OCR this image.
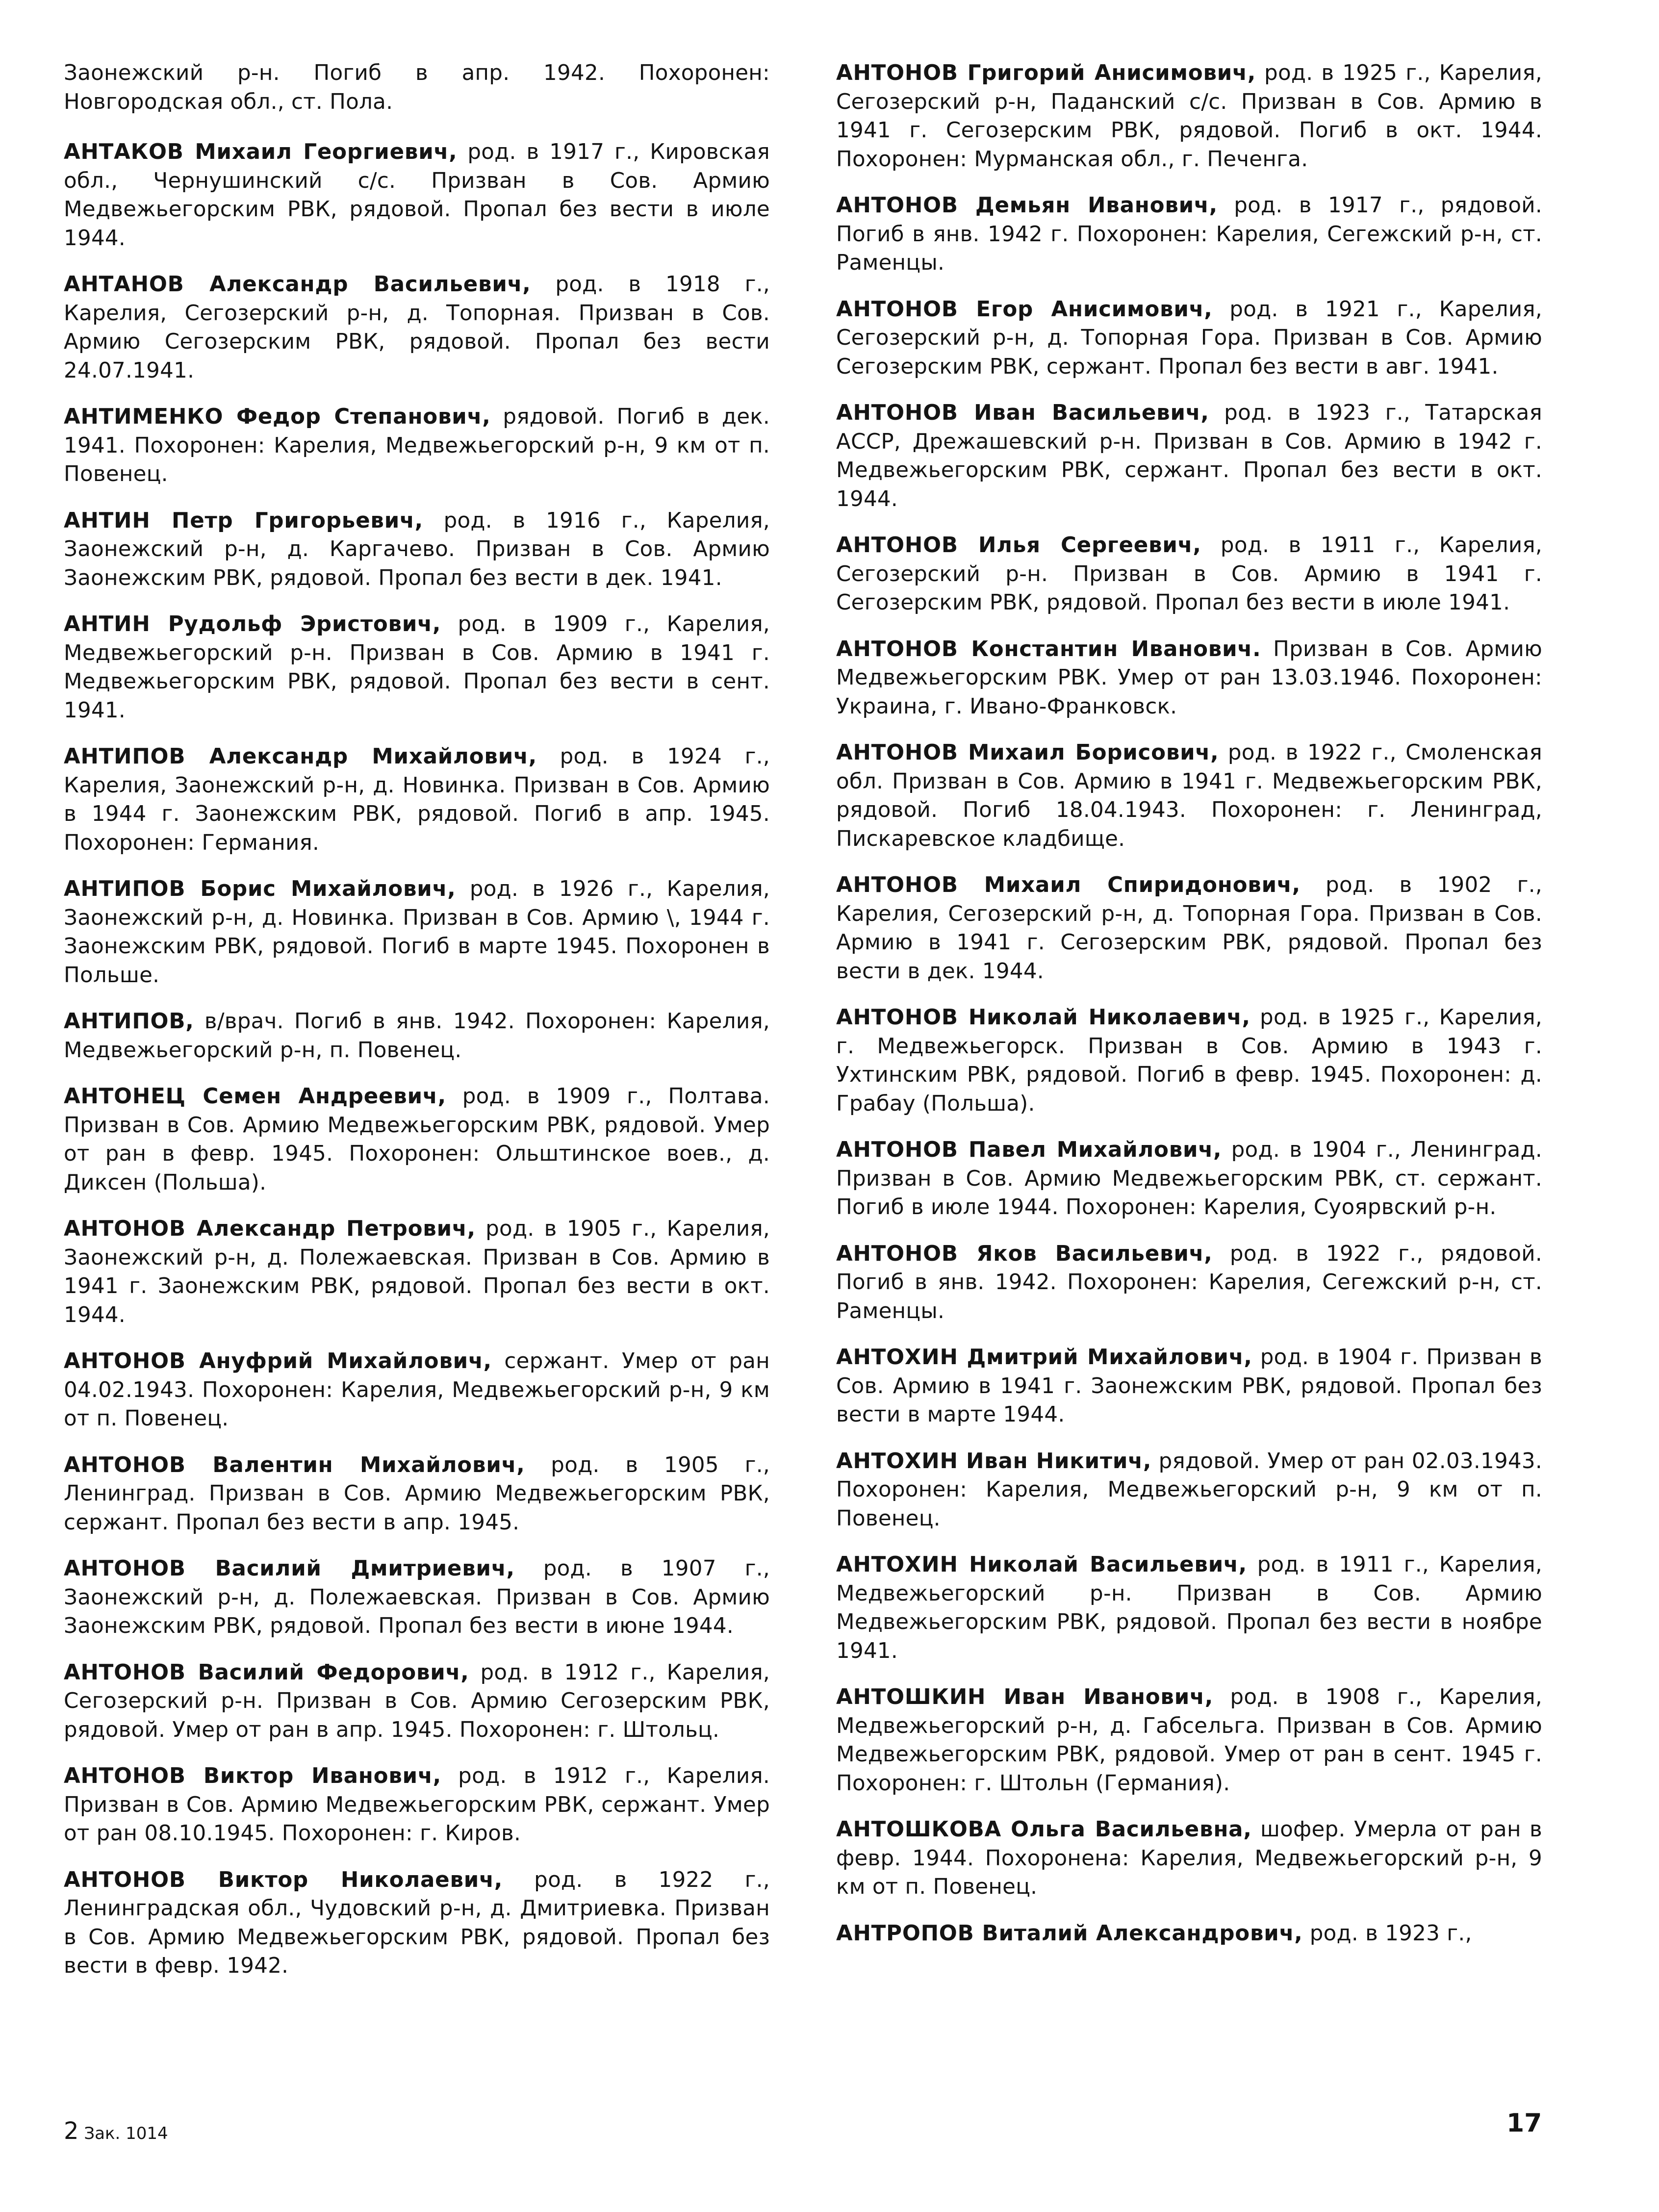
Заонежский р-н. Погиб в апр. 1942. Похоронен: Новгородская обл., ст. Пола.

АНТАКОВ Михаил Георгиевич, род. в 1917 г., Кировская обл., Чернушинский с/с. Призван в Сов. Армию Медвежьегорским РВК, рядовой. Пропал без вести в июле 1944.

АНТАНОВ Александр Васильевич, род. в 1918 г., Карелия, Сегозерский р-н, д. Топорная. Призван в Сов. Армию Сегозерским РВК, рядовой. Пропал без вести 24.07.1941.

АНТИМЕНКО Федор Степанович, рядовой. Погиб в дек. 1941. Похоронен: Карелия, Медвежьегорский р-н, 9 км от п. Повенец.

АНТИН Петр Григорьевич, род. в 1916 г., Карелия, Заонежский р-н, д. Каргачево. Призван в Сов. Армию Заонежским РВК, рядовой. Пропал без вести в дек. 1941.

АНТИН Рудольф Эристович, род. в 1909 г., Карелия, Медвежьегорский р-н. Призван в Сов. Армию в 1941 г. Медвежьегорским РВК, рядовой. Пропал без вести в сент. 1941.

АНТИПОВ Александр Михайлович, род. в 1924 г., Карелия, Заонежский р-н, д. Новинка. Призван в Сов. Армию в 1944 г. Заонежским РВК, рядовой. Погиб в апр. 1945. Похоронен: Германия.

АНТИПОВ Борис Михайлович, род. в 1926 г., Карелия, Заонежский р-н, д. Новинка. Призван в Сов. Армию \, 1944 г. Заонежским РВК, рядовой. Погиб в марте 1945. Похоронен в Польше.

АНТИПОВ, в/врач. Погиб в янв. 1942. Похоронен: Карелия, Медвежьегорский р-н, п. Повенец.

АНТОНЕЦ Семен Андреевич, род. в 1909 г., Полтава. Призван в Сов. Армию Медвежьегорским РВК, рядовой. Умер от ран в февр. 1945. Похоронен: Ольштинское воев., д. Диксен (Польша).

АНТОНОВ Александр Петрович, род. в 1905 г., Карелия, Заонежский р-н, д. Полежаевская. Призван в Сов. Армию в 1941 г. Заонежским РВК, рядовой. Пропал без вести в окт. 1944.

АНТОНОВ Ануфрий Михайлович, сержант. Умер от ран 04.02.1943. Похоронен: Карелия, Медвежьегорский р-н, 9 км от п. Повенец.

АНТОНОВ Валентин Михайлович, род. в 1905 г., Ленинград. Призван в Сов. Армию Медвежьегорским РВК, сержант. Пропал без вести в апр. 1945.

АНТОНОВ Василий Дмитриевич, род. в 1907 г., Заонежский р-н, д. Полежаевская. Призван в Сов. Армию Заонежским РВК, рядовой. Пропал без вести в июне 1944.

АНТОНОВ Василий Федорович, род. в 1912 г., Карелия, Сегозерский р-н. Призван в Сов. Армию Сегозерским РВК, рядовой. Умер от ран в апр. 1945. Похоронен: г. Штольц.

АНТОНОВ Виктор Иванович, род. в 1912 г., Карелия. Призван в Сов. Армию Медвежьегорским РВК, сержант. Умер от ран 08.10.1945. Похоронен: г. Киров.

АНТОНОВ Виктор Николаевич, род. в 1922 г., Ленинградская обл., Чудовский р-н, д. Дмитриевка. Призван в Сов. Армию Медвежьегорским РВК, рядовой. Пропал без вести в февр. 1942.

АНТОНОВ Григорий Анисимович, род. в 1925 г., Карелия, Сегозерский р-н, Паданский с/с. Призван в Сов. Армию в 1941 г. Сегозерским РВК, рядовой. Погиб в окт. 1944. Похоронен: Мурманская обл., г. Печенга.

АНТОНОВ Демьян Иванович, род. в 1917 г., рядовой. Погиб в янв. 1942 г. Похоронен: Карелия, Сегежский р-н, ст. Раменцы.

АНТОНОВ Егор Анисимович, род. в 1921 г., Карелия, Сегозерский р-н, д. Топорная Гора. Призван в Сов. Армию Сегозерским РВК, сержант. Пропал без вести в авг. 1941.

АНТОНОВ Иван Васильевич, род. в 1923 г., Татарская АССР, Дрежашевский р-н. Призван в Сов. Армию в 1942 г. Медвежьегорским РВК, сержант. Пропал без вести в окт. 1944.

АНТОНОВ Илья Сергеевич, род. в 1911 г., Карелия, Сегозерский р-н. Призван в Сов. Армию в 1941 г. Сегозерским РВК, рядовой. Пропал без вести в июле 1941.

АНТОНОВ Константин Иванович. Призван в Сов. Армию Медвежьегорским РВК. Умер от ран 13.03.1946. Похоронен: Украина, г. Ивано-Франковск.

АНТОНОВ Михаил Борисович, род. в 1922 г., Смоленская обл. Призван в Сов. Армию в 1941 г. Медвежьегорским РВК, рядовой. Погиб 18.04.1943. Похоронен: г. Ленинград, Пискаревское кладбище.

АНТОНОВ Михаил Спиридонович, род. в 1902 г., Карелия, Сегозерский р-н, д. Топорная Гора. Призван в Сов. Армию в 1941 г. Сегозерским РВК, рядовой. Пропал без вести в дек. 1944.

АНТОНОВ Николай Николаевич, род. в 1925 г., Карелия, г. Медвежьегорск. Призван в Сов. Армию в 1943 г. Ухтинским РВК, рядовой. Погиб в февр. 1945. Похоронен: д. Грабау (Польша).

АНТОНОВ Павел Михайлович, род. в 1904 г., Ленинград. Призван в Сов. Армию Медвежьегорским РВК, ст. сержант. Погиб в июле 1944. Похоронен: Карелия, Суоярвский р-н.

АНТОНОВ Яков Васильевич, род. в 1922 г., рядовой. Погиб в янв. 1942. Похоронен: Карелия, Сегежский р-н, ст. Раменцы.

АНТОХИН Дмитрий Михайлович, род. в 1904 г. Призван в Сов. Армию в 1941 г. Заонежским РВК, рядовой. Пропал без вести в марте 1944.

АНТОХИН Иван Никитич, рядовой. Умер от ран 02.03.1943. Похоронен: Карелия, Медвежьегорский р-н, 9 км от п. Повенец.

АНТОХИН Николай Васильевич, род. в 1911 г., Карелия, Медвежьегорский р-н. Призван в Сов. Армию Медвежьегорским РВК, рядовой. Пропал без вести в ноябре 1941.

АНТОШКИН Иван Иванович, род. в 1908 г., Карелия, Медвежьегорский р-н, д. Габсельга. Призван в Сов. Армию Медвежьегорским РВК, рядовой. Умер от ран в сент. 1945 г. Похоронен: г. Штольн (Германия).

АНТОШКОВА Ольга Васильевна, шофер. Умерла от ран в февр. 1944. Похоронена: Карелия, Медвежьегорский р-н, 9 км от п. Повенец.

АНТРОПОВ Виталий Александрович, род. в 1923 г.,

2 Зак. 1014	17
